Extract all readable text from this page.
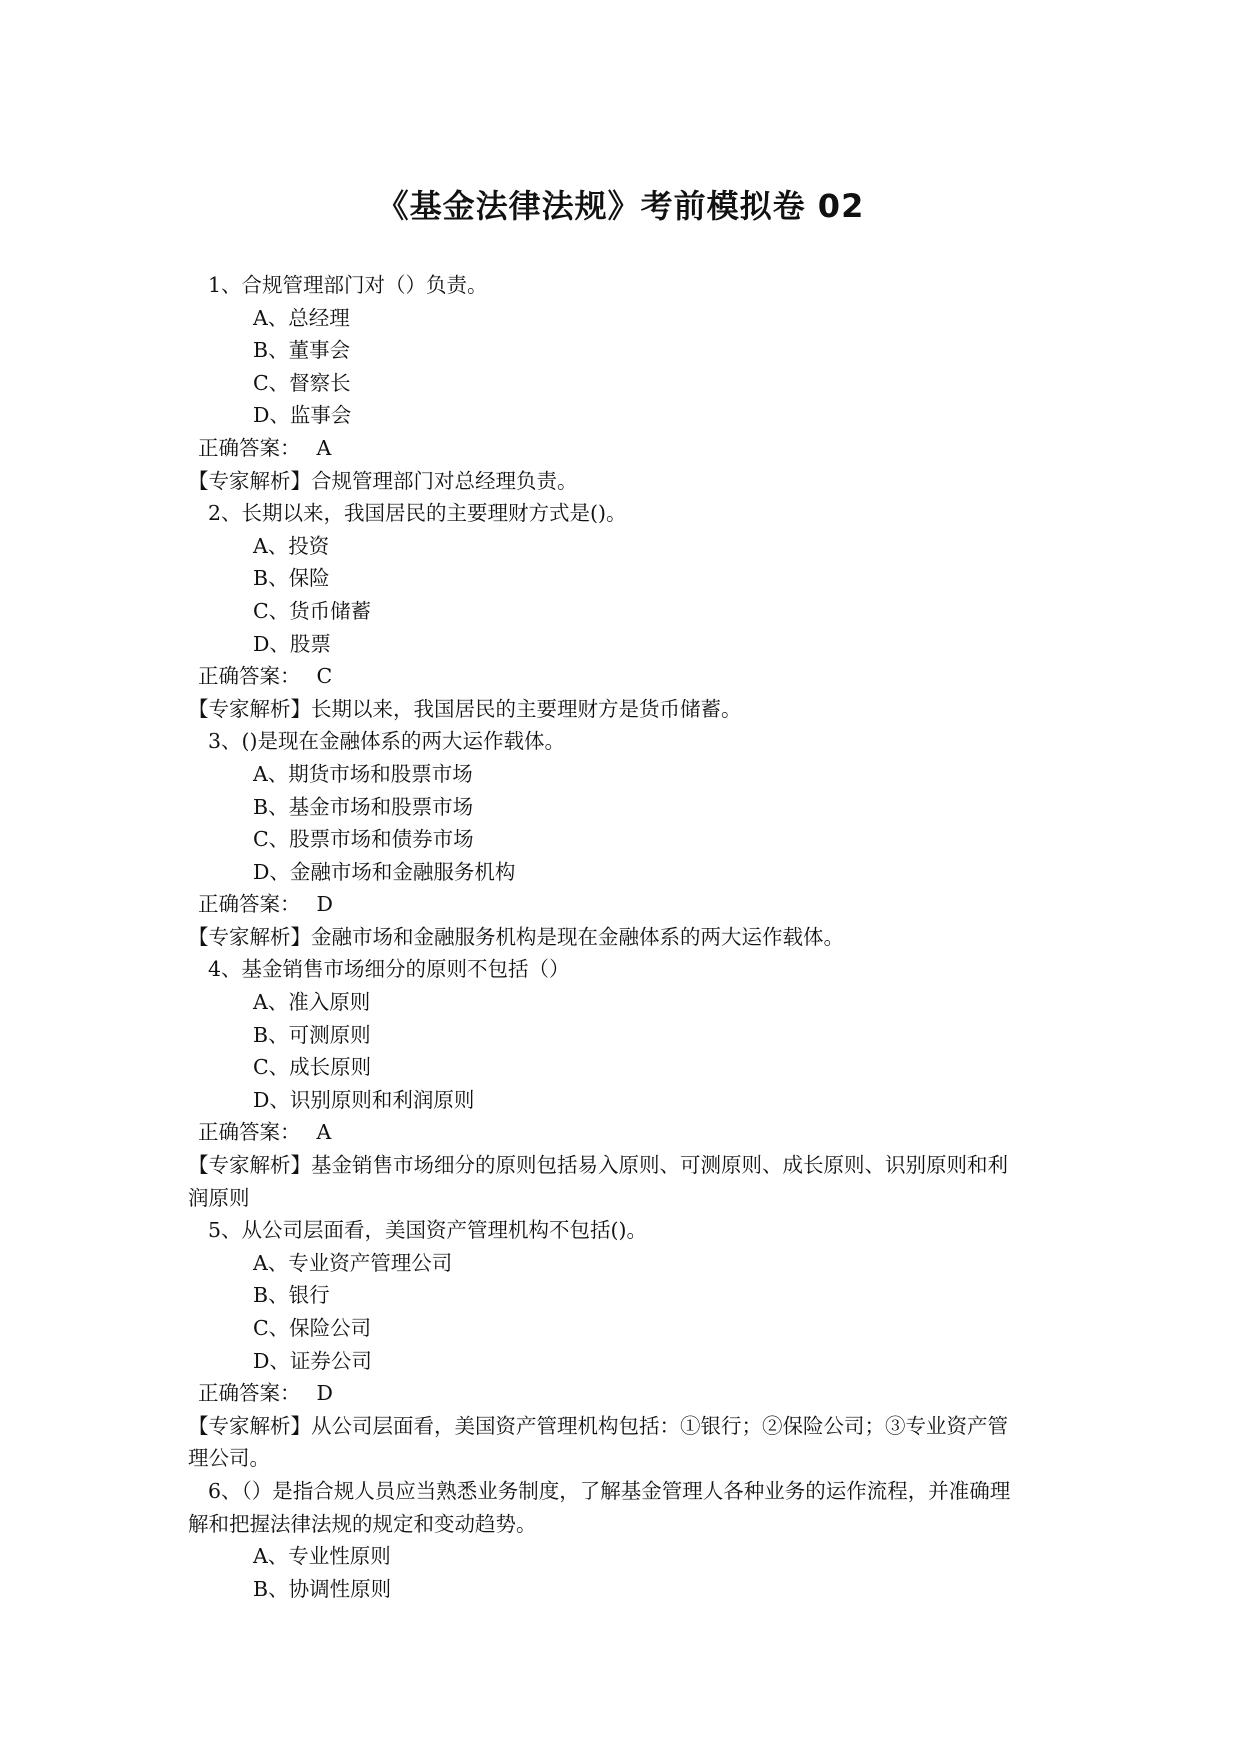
《基金法律法规》考前模拟卷 02
1、合规管理部门对（）负责。
A、总经理
B、董事会
C、督察长
D、监事会
正确答案： A
【专家解析】合规管理部门对总经理负责。
2、长期以来，我国居民的主要理财方式是()。
A、投资
B、保险
C、货币储蓄
D、股票
正确答案： C
【专家解析】长期以来，我国居民的主要理财方是货币储蓄。
3、()是现在金融体系的两大运作载体。
A、期货市场和股票市场
B、基金市场和股票市场
C、股票市场和债券市场
D、金融市场和金融服务机构
正确答案： D
【专家解析】金融市场和金融服务机构是现在金融体系的两大运作载体。
4、基金销售市场细分的原则不包括（）
A、准入原则
B、可测原则
C、成长原则
D、识别原则和利润原则
正确答案： A
【专家解析】基金销售市场细分的原则包括易入原则、可测原则、成长原则、识别原则和利
润原则
5、从公司层面看，美国资产管理机构不包括()。
A、专业资产管理公司
B、银行
C、保险公司
D、证券公司
正确答案： D
【专家解析】从公司层面看，美国资产管理机构包括：①银行；②保险公司；③专业资产管
理公司。
6、（）是指合规人员应当熟悉业务制度，了解基金管理人各种业务的运作流程，并准确理
解和把握法律法规的规定和变动趋势。
A、专业性原则
B、协调性原则
